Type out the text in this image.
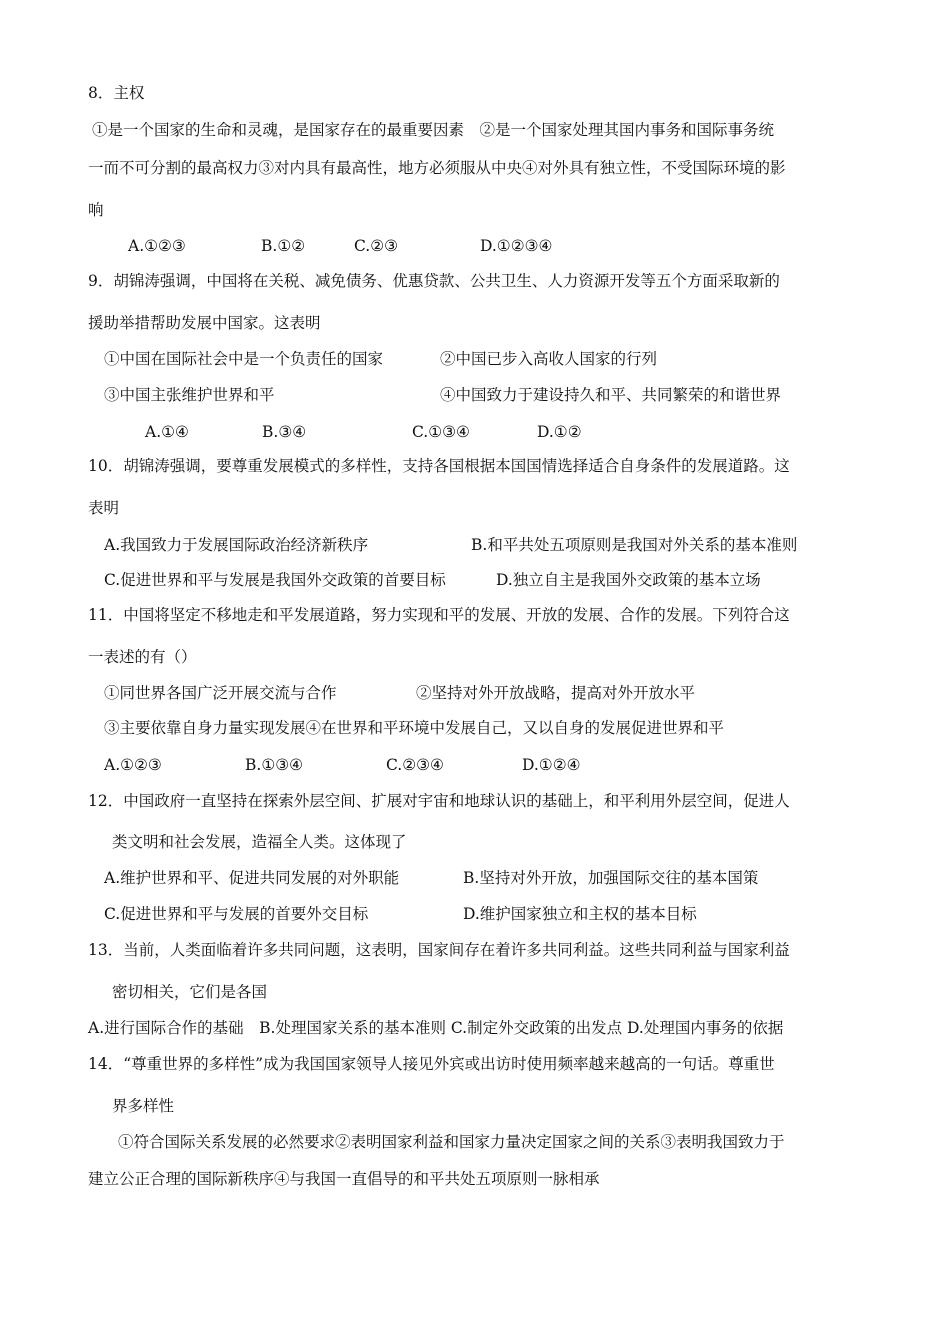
8．主权
①是一个国家的生命和灵魂，是国家存在的最重要因素　②是一个国家处理其国内事务和国际事务统
一而不可分割的最高权力③对内具有最高性，地方必须服从中央④对外具有独立性，不受国际环境的影
响
A.①②③	B.①②	C.②③	D.①②③④
9．胡锦涛强调，中国将在关税、减免债务、优惠贷款、公共卫生、人力资源开发等五个方面采取新的
援助举措帮助发展中国家。这表明
①中国在国际社会中是一个负责任的国家	②中国已步入高收人国家的行列
③中国主张维护世界和平	④中国致力于建设持久和平、共同繁荣的和谐世界
A.①④	B.③④	C.①③④	D.①②
10．胡锦涛强调，要尊重发展模式的多样性，支持各国根据本国国情选择适合自身条件的发展道路。这
表明
A.我国致力于发展国际政治经济新秩序	B.和平共处五项原则是我国对外关系的基本准则
C.促进世界和平与发展是我国外交政策的首要目标	D.独立自主是我国外交政策的基本立场
11．中国将坚定不移地走和平发展道路，努力实现和平的发展、开放的发展、合作的发展。下列符合这
一表述的有（）
①同世界各国广泛开展交流与合作	②坚持对外开放战略，提高对外开放水平
③主要依靠自身力量实现发展④在世界和平环境中发展自己，又以自身的发展促进世界和平
A.①②③	B.①③④	C.②③④	D.①②④
12．中国政府一直坚持在探索外层空间、扩展对宇宙和地球认识的基础上，和平利用外层空间，促进人
类文明和社会发展，造福全人类。这体现了
A.维护世界和平、促进共同发展的对外职能	B.坚持对外开放，加强国际交往的基本国策
C.促进世界和平与发展的首要外交目标	D.维护国家独立和主权的基本目标
13．当前，人类面临着许多共同问题，这表明，国家间存在着许多共同利益。这些共同利益与国家利益
密切相关，它们是各国
A.进行国际合作的基础　B.处理国家关系的基本准则 C.制定外交政策的出发点 D.处理国内事务的依据
14．“尊重世界的多样性”成为我国国家领导人接见外宾或出访时使用频率越来越高的一句话。尊重世
界多样性
①符合国际关系发展的必然要求②表明国家利益和国家力量决定国家之间的关系③表明我国致力于
建立公正合理的国际新秩序④与我国一直倡导的和平共处五项原则一脉相承
